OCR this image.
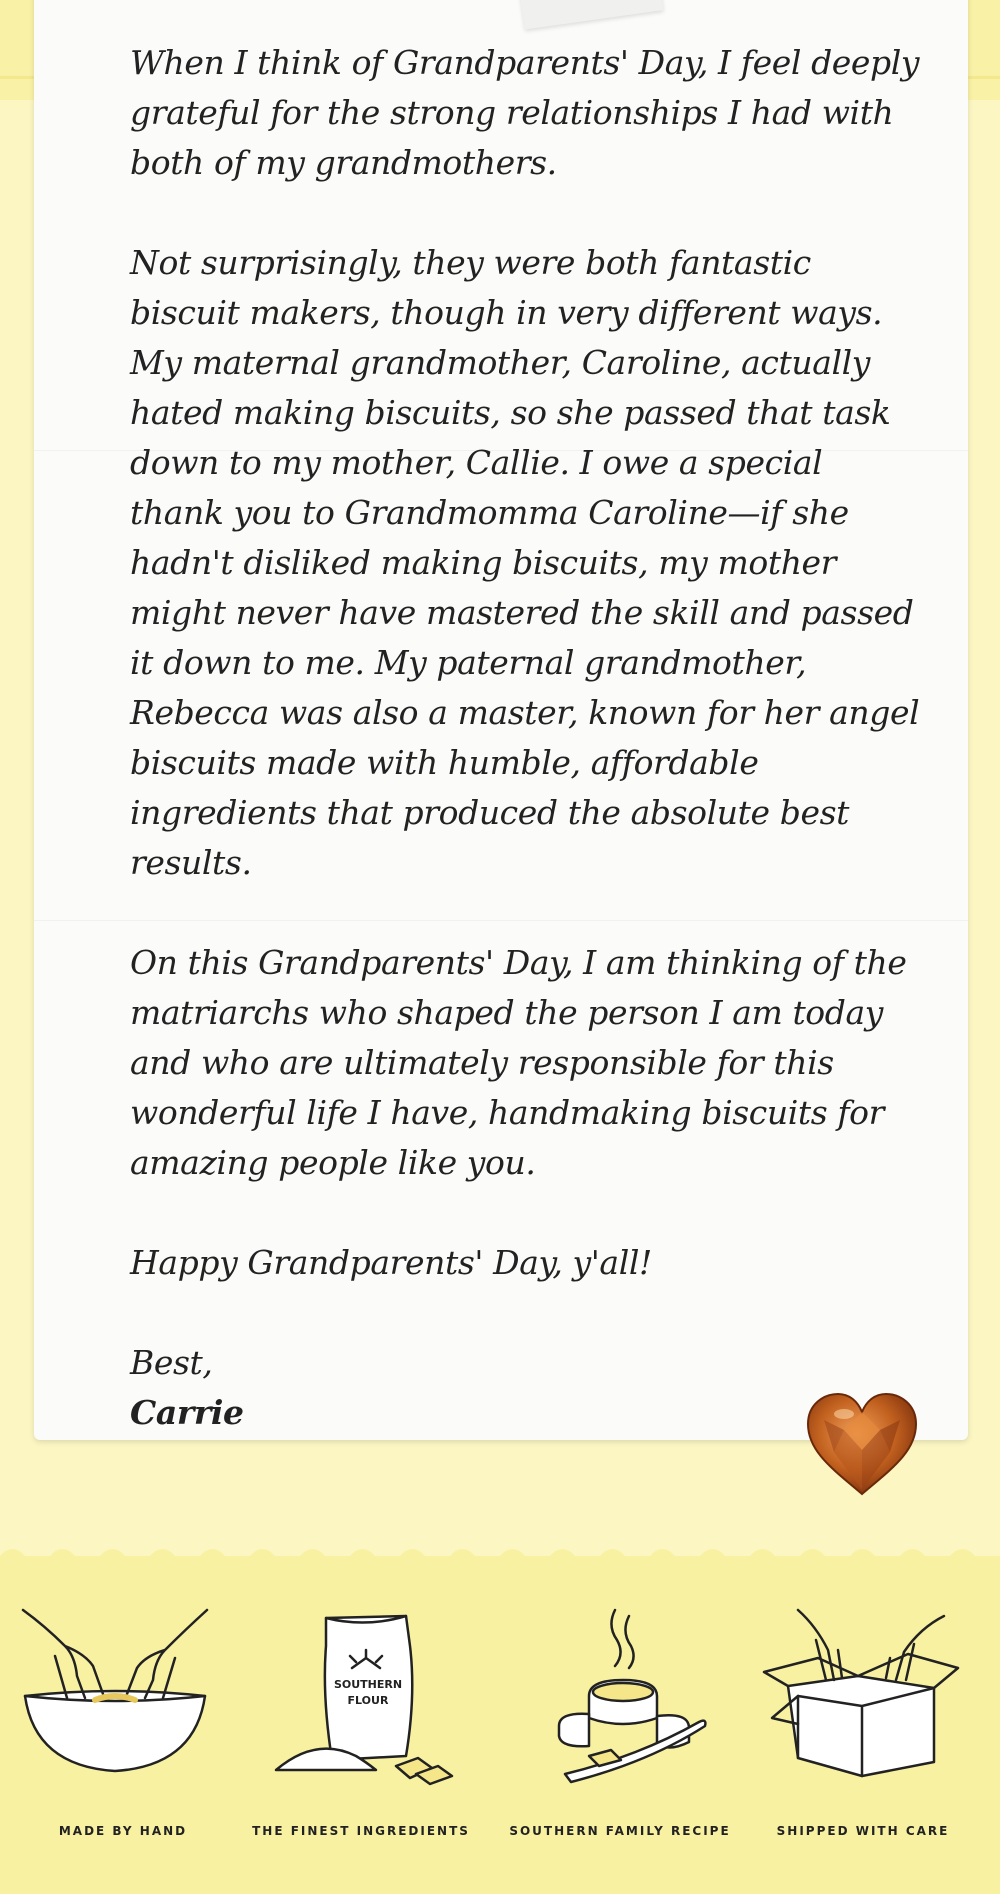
When I think of Grandparents' Day, I feel deeply grateful for the strong relationships I had with both of my grandmothers.

Not surprisingly, they were both fantastic biscuit makers, though in very different ways. My maternal grandmother, Caroline, actually hated making biscuits, so she passed that task down to my mother, Callie. I owe a special thank you to Grandmomma Caroline—if she hadn't disliked making biscuits, my mother might never have mastered the skill and passed it down to me. My paternal grandmother, Rebecca was also a master, known for her angel biscuits made with humble, affordable ingredients that produced the absolute best results.

On this Grandparents' Day, I am thinking of the matriarchs who shaped the person I am today and who are ultimately responsible for this wonderful life I have, handmaking biscuits for amazing people like you.

Happy Grandparents' Day, y'all!

Best,
Carrie
SOUTHERN
FLOUR
MADE BY HAND	THE FINEST INGREDIENTS	SOUTHERN FAMILY RECIPE	SHIPPED WITH CARE
